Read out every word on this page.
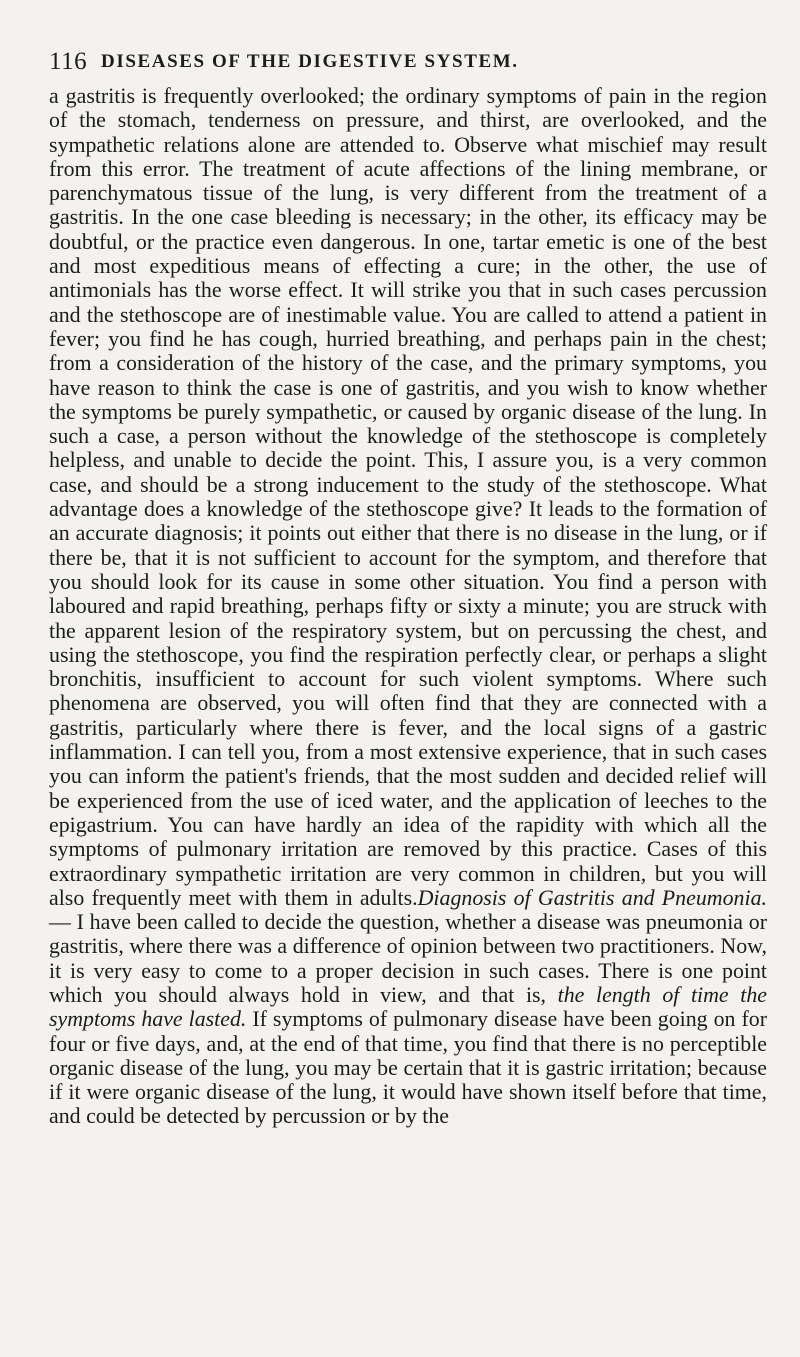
116 DISEASES OF THE DIGESTIVE SYSTEM.

a gastritis is frequently overlooked; the ordinary symptoms of pain in the region of the stomach, tenderness on pressure, and thirst, are overlooked, and the sympathetic relations alone are attended to. Observe what mischief may result from this error. The treatment of acute affections of the lining membrane, or parenchymatous tissue of the lung, is very different from the treatment of a gastritis. In the one case bleeding is necessary; in the other, its efficacy may be doubtful, or the practice even dangerous. In one, tartar emetic is one of the best and most expeditious means of effecting a cure; in the other, the use of antimonials has the worse effect. It will strike you that in such cases percussion and the stethoscope are of inestimable value. You are called to attend a patient in fever; you find he has cough, hurried breathing, and perhaps pain in the chest; from a consideration of the history of the case, and the primary symptoms, you have reason to think the case is one of gastritis, and you wish to know whether the symptoms be purely sympathetic, or caused by organic disease of the lung. In such a case, a person without the knowledge of the stethoscope is completely helpless, and unable to decide the point. This, I assure you, is a very common case, and should be a strong inducement to the study of the stethoscope. What advantage does a knowledge of the stethoscope give? It leads to the formation of an accurate diagnosis; it points out either that there is no disease in the lung, or if there be, that it is not sufficient to account for the symptom, and therefore that you should look for its cause in some other situation. You find a person with laboured and rapid breathing, perhaps fifty or sixty a minute; you are struck with the apparent lesion of the respiratory system, but on percussing the chest, and using the stethoscope, you find the respiration perfectly clear, or perhaps a slight bronchitis, insufficient to account for such violent symptoms. Where such phenomena are observed, you will often find that they are connected with a gastritis, particularly where there is fever, and the local signs of a gastric inflammation. I can tell you, from a most extensive experience, that in such cases you can inform the patient's friends, that the most sudden and decided relief will be experienced from the use of iced water, and the application of leeches to the epigastrium. You can have hardly an idea of the rapidity with which all the symptoms of pulmonary irritation are removed by this practice. Cases of this extraordinary sympathetic irritation are very common in children, but you will also frequently meet with them in adults.Diagnosis of Gastritis and Pneumonia. — I have been called to decide the question, whether a disease was pneumonia or gastritis, where there was a difference of opinion between two practitioners. Now, it is very easy to come to a proper decision in such cases. There is one point which you should always hold in view, and that is, the length of time the symptoms have lasted. If symptoms of pulmonary disease have been going on for four or five days, and, at the end of that time, you find that there is no perceptible organic disease of the lung, you may be certain that it is gastric irritation; because if it were organic disease of the lung, it would have shown itself before that time, and could be detected by percussion or by the
